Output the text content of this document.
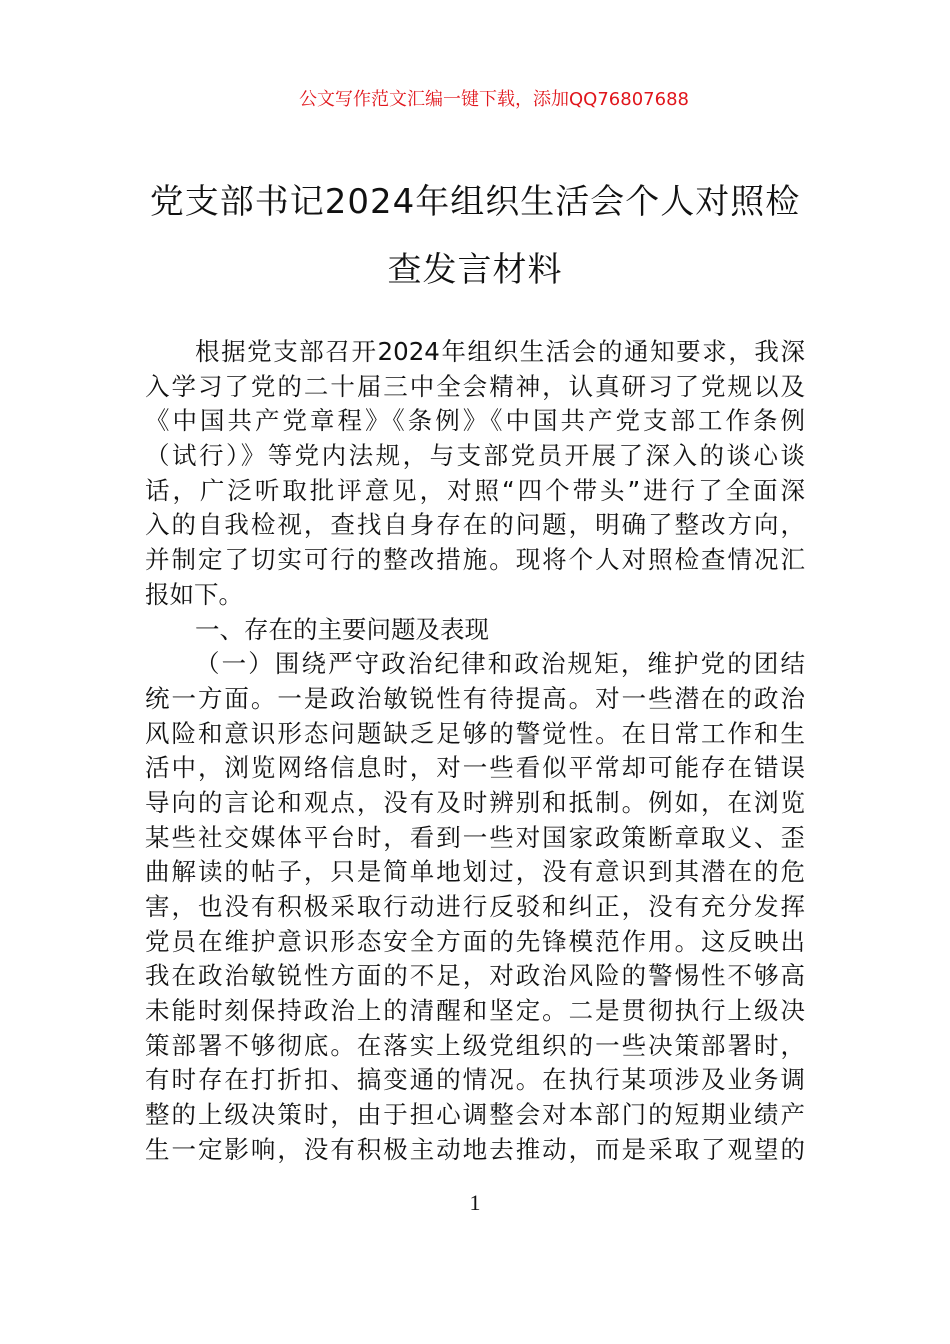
公文写作范文汇编一键下载，添加QQ76807688
党支部书记2024年组织生活会个人对照检
查发言材料
根据党支部召开2024年组织生活会的通知要求，我深
入学习了党的二十届三中全会精神，认真研习了党规以及
《中国共产党章程》《条例》《中国共产党支部工作条例
（试行）》等党内法规，与支部党员开展了深入的谈心谈
话，广泛听取批评意见，对照“四个带头”进行了全面深
入的自我检视，查找自身存在的问题，明确了整改方向，
并制定了切实可行的整改措施。现将个人对照检查情况汇
报如下。
一、存在的主要问题及表现
（一）围绕严守政治纪律和政治规矩，维护党的团结
统一方面。一是政治敏锐性有待提高。对一些潜在的政治
风险和意识形态问题缺乏足够的警觉性。在日常工作和生
活中，浏览网络信息时，对一些看似平常却可能存在错误
导向的言论和观点，没有及时辨别和抵制。例如，在浏览
某些社交媒体平台时，看到一些对国家政策断章取义、歪
曲解读的帖子，只是简单地划过，没有意识到其潜在的危
害，也没有积极采取行动进行反驳和纠正，没有充分发挥
党员在维护意识形态安全方面的先锋模范作用。这反映出
我在政治敏锐性方面的不足，对政治风险的警惕性不够高
未能时刻保持政治上的清醒和坚定。二是贯彻执行上级决
策部署不够彻底。在落实上级党组织的一些决策部署时，
有时存在打折扣、搞变通的情况。在执行某项涉及业务调
整的上级决策时，由于担心调整会对本部门的短期业绩产
生一定影响，没有积极主动地去推动，而是采取了观望的
1
